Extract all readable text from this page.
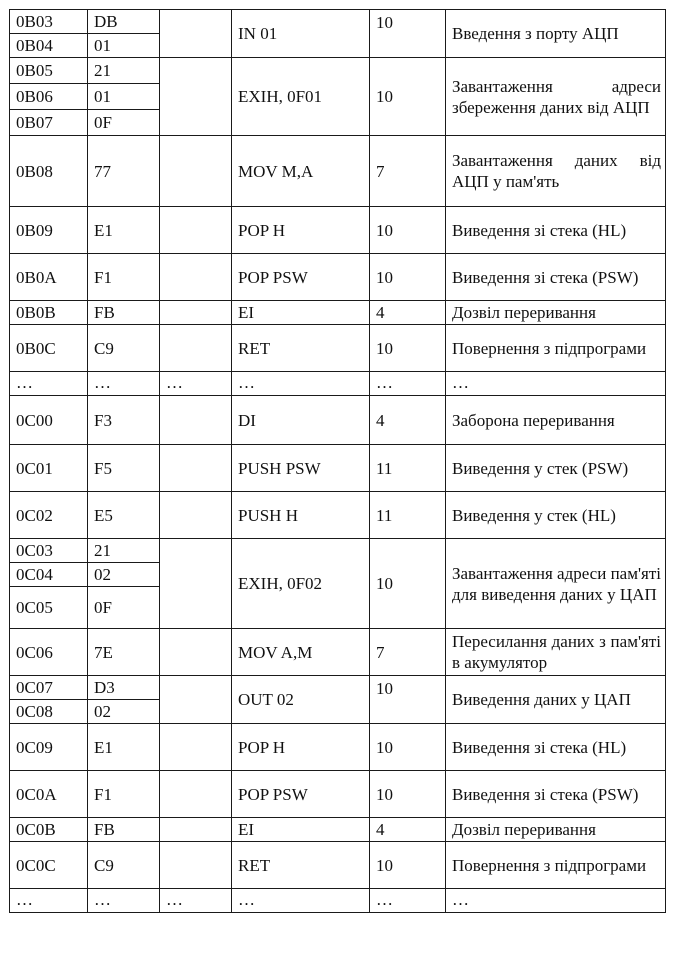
0B03	DB		IN 01	10	Введення з порту АЦП
0B04	01				
0B05	21		EXIH, 0F01	10	Завантаження адреси збереження даних від АЦП
0B06	01				
0B07	0F				
0B08	77		MOV M,A	7	Завантаження даних від АЦП у пам'ять
0B09	E1		POP H	10	Виведення зі стека (HL)
0B0A	F1		POP PSW	10	Виведення зі стека (PSW)
0B0B	FB		EI	4	Дозвіл переривання
0B0C	C9		RET	10	Повернення з підпрограми
…	…	…	…	…	…
0C00	F3		DI	4	Заборона переривання
0C01	F5		PUSH PSW	11	Виведення у стек (PSW)
0C02	E5		PUSH H	11	Виведення у стек (HL)
0C03	21		EXIH, 0F02	10	Завантаження адреси пам'яті для виведення даних у ЦАП
0C04	02				
0C05	0F				
0C06	7E		MOV A,M	7	Пересилання даних з пам'яті в акумулятор
0C07	D3		OUT 02	10	Виведення даних у ЦАП
0C08	02				
0C09	E1		POP H	10	Виведення зі стека (HL)
0C0A	F1		POP PSW	10	Виведення зі стека (PSW)
0C0B	FB		EI	4	Дозвіл переривання
0C0C	C9		RET	10	Повернення з підпрограми
…	…	…	…	…	…
